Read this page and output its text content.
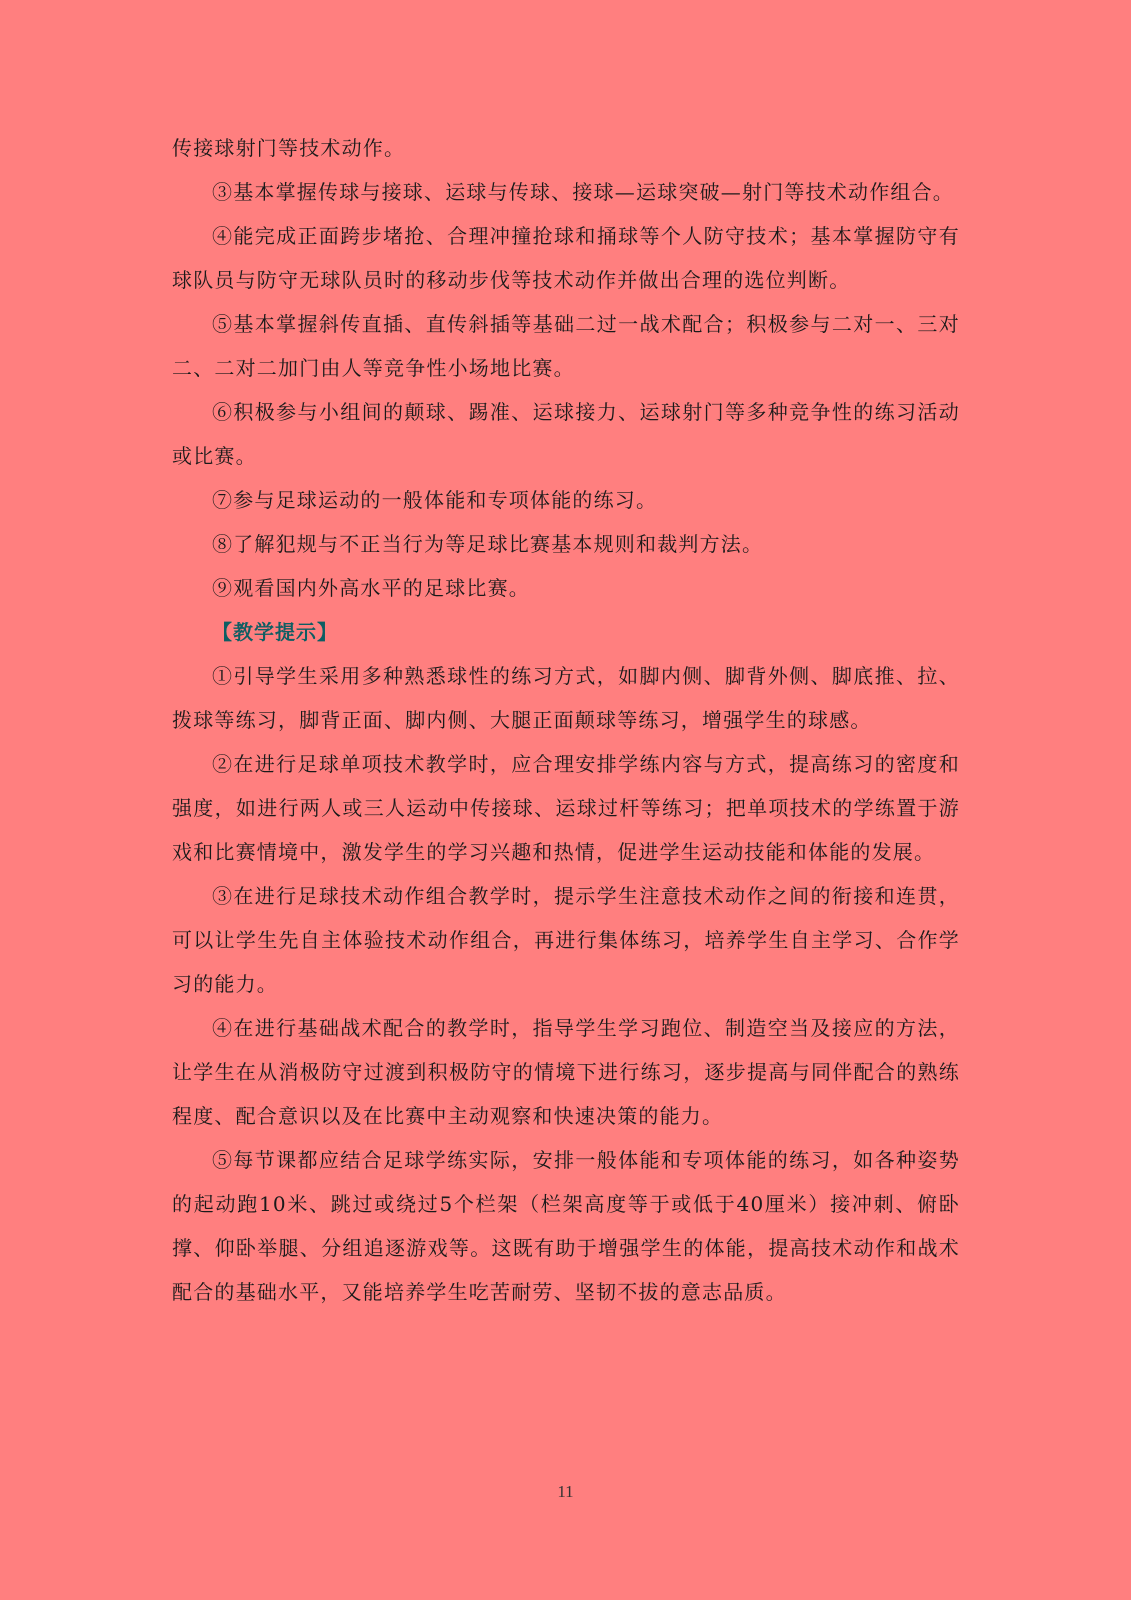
传接球射门等技术动作。

③基本掌握传球与接球、运球与传球、接球—运球突破—射门等技术动作组合。

④能完成正面跨步堵抢、合理冲撞抢球和捅球等个人防守技术；基本掌握防守有球队员与防守无球队员时的移动步伐等技术动作并做出合理的选位判断。

⑤基本掌握斜传直插、直传斜插等基础二过一战术配合；积极参与二对一、三对二、二对二加门由人等竞争性小场地比赛。

⑥积极参与小组间的颠球、踢准、运球接力、运球射门等多种竞争性的练习活动或比赛。

⑦参与足球运动的一般体能和专项体能的练习。

⑧了解犯规与不正当行为等足球比赛基本规则和裁判方法。

⑨观看国内外高水平的足球比赛。

【教学提示】

①引导学生采用多种熟悉球性的练习方式，如脚内侧、脚背外侧、脚底推、拉、拨球等练习，脚背正面、脚内侧、大腿正面颠球等练习，增强学生的球感。

②在进行足球单项技术教学时，应合理安排学练内容与方式，提高练习的密度和强度，如进行两人或三人运动中传接球、运球过杆等练习；把单项技术的学练置于游戏和比赛情境中，激发学生的学习兴趣和热情，促进学生运动技能和体能的发展。

③在进行足球技术动作组合教学时，提示学生注意技术动作之间的衔接和连贯，可以让学生先自主体验技术动作组合，再进行集体练习，培养学生自主学习、合作学习的能力。

④在进行基础战术配合的教学时，指导学生学习跑位、制造空当及接应的方法，让学生在从消极防守过渡到积极防守的情境下进行练习，逐步提高与同伴配合的熟练程度、配合意识以及在比赛中主动观察和快速决策的能力。

⑤每节课都应结合足球学练实际，安排一般体能和专项体能的练习，如各种姿势的起动跑10米、跳过或绕过5个栏架（栏架高度等于或低于40厘米）接冲刺、俯卧撑、仰卧举腿、分组追逐游戏等。这既有助于增强学生的体能，提高技术动作和战术配合的基础水平，又能培养学生吃苦耐劳、坚韧不拔的意志品质。

11
